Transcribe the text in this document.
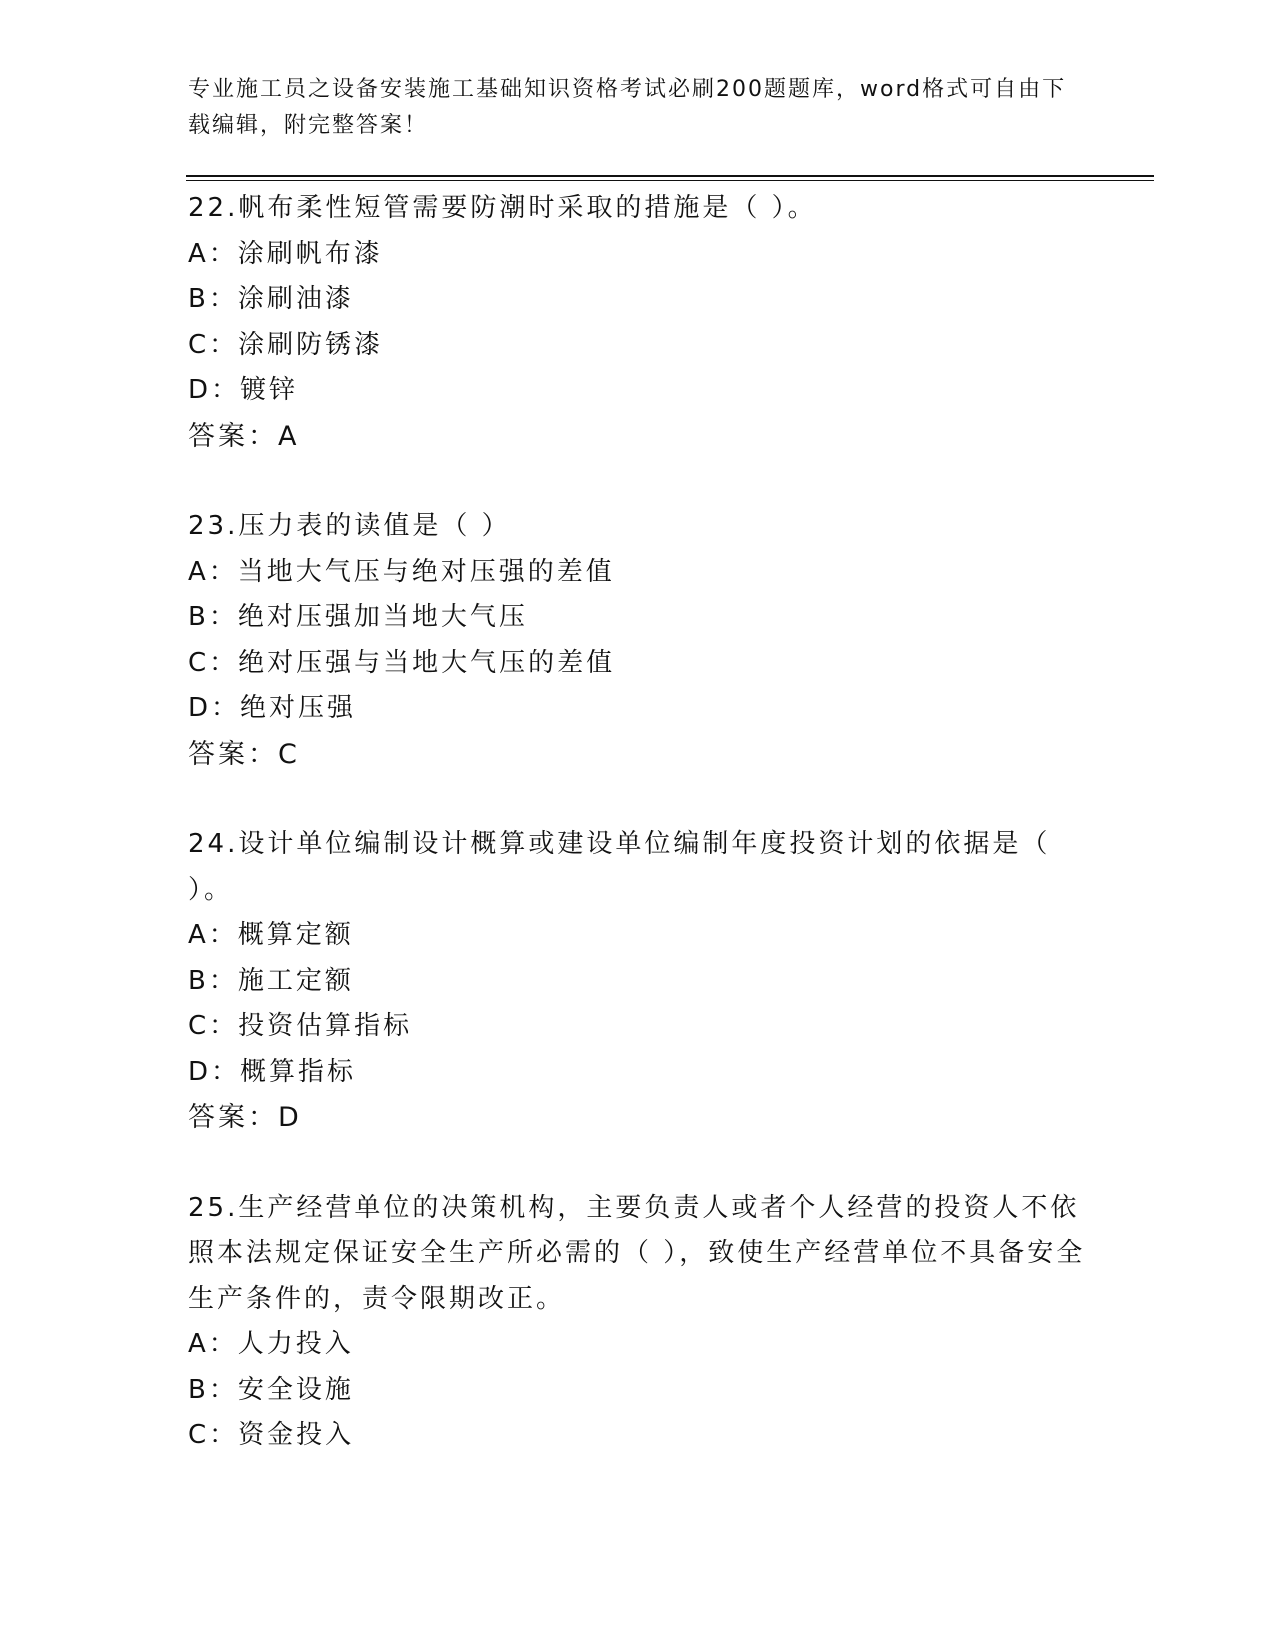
专业施工员之设备安装施工基础知识资格考试必刷200题题库，word格式可自由下载编辑，附完整答案！
22.帆布柔性短管需要防潮时采取的措施是（ ）。
A：涂刷帆布漆
B：涂刷油漆
C：涂刷防锈漆
D：镀锌
答案：A
23.压力表的读值是（ ）
A：当地大气压与绝对压强的差值
B：绝对压强加当地大气压
C：绝对压强与当地大气压的差值
D：绝对压强
答案：C
24.设计单位编制设计概算或建设单位编制年度投资计划的依据是（ ）。
A：概算定额
B：施工定额
C：投资估算指标
D：概算指标
答案：D
25.生产经营单位的决策机构，主要负责人或者个人经营的投资人不依照本法规定保证安全生产所必需的（ ），致使生产经营单位不具备安全生产条件的，责令限期改正。
A：人力投入
B：安全设施
C：资金投入
